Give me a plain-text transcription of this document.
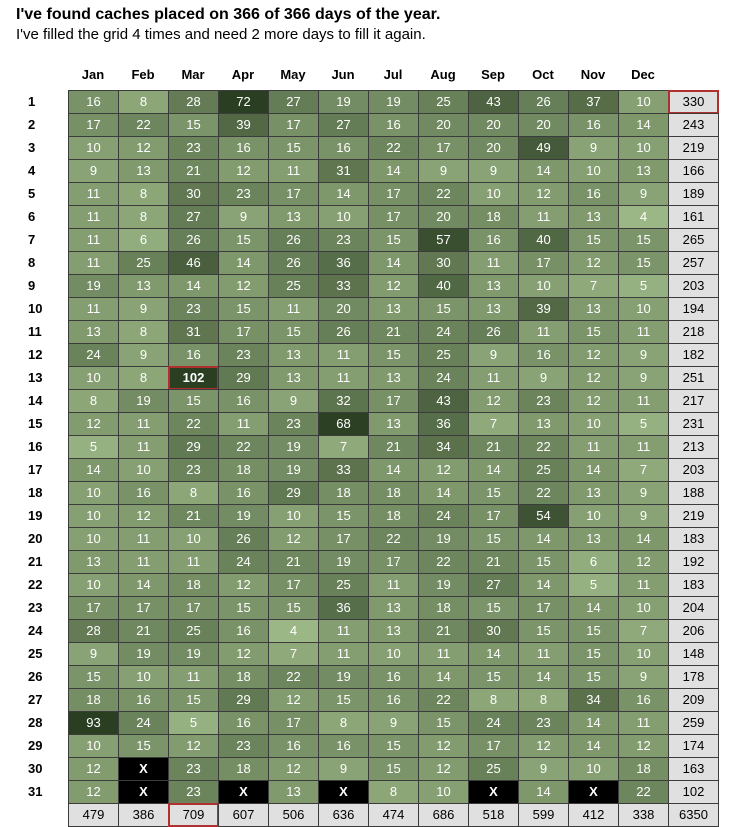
I've found caches placed on 366 of 366 days of the year.
I've filled the grid 4 times and need 2 more days to fill it again.
Jan	Feb	Mar	Apr	May	Jun	Jul	Aug	Sep	Oct	Nov	Dec
1	16	8	28	72	27	19	19	25	43	26	37	10	330
2	17	22	15	39	17	27	16	20	20	20	16	14	243
3	10	12	23	16	15	16	22	17	20	49	9	10	219
4	9	13	21	12	11	31	14	9	9	14	10	13	166
5	11	8	30	23	17	14	17	22	10	12	16	9	189
6	11	8	27	9	13	10	17	20	18	11	13	4	161
7	11	6	26	15	26	23	15	57	16	40	15	15	265
8	11	25	46	14	26	36	14	30	11	17	12	15	257
9	19	13	14	12	25	33	12	40	13	10	7	5	203
10	11	9	23	15	11	20	13	15	13	39	13	10	194
11	13	8	31	17	15	26	21	24	26	11	15	11	218
12	24	9	16	23	13	11	15	25	9	16	12	9	182
13	10	8	102	29	13	11	13	24	11	9	12	9	251
14	8	19	15	16	9	32	17	43	12	23	12	11	217
15	12	11	22	11	23	68	13	36	7	13	10	5	231
16	5	11	29	22	19	7	21	34	21	22	11	11	213
17	14	10	23	18	19	33	14	12	14	25	14	7	203
18	10	16	8	16	29	18	18	14	15	22	13	9	188
19	10	12	21	19	10	15	18	24	17	54	10	9	219
20	10	11	10	26	12	17	22	19	15	14	13	14	183
21	13	11	11	24	21	19	17	22	21	15	6	12	192
22	10	14	18	12	17	25	11	19	27	14	5	11	183
23	17	17	17	15	15	36	13	18	15	17	14	10	204
24	28	21	25	16	4	11	13	21	30	15	15	7	206
25	9	19	19	12	7	11	10	11	14	11	15	10	148
26	15	10	11	18	22	19	16	14	15	14	15	9	178
27	18	16	15	29	12	15	16	22	8	8	34	16	209
28	93	24	5	16	17	8	9	15	24	23	14	11	259
29	10	15	12	23	16	16	15	12	17	12	14	12	174
30	12	X	23	18	12	9	15	12	25	9	10	18	163
31	12	X	23	X	13	X	8	10	X	14	X	22	102
479	386	709	607	506	636	474	686	518	599	412	338	6350
